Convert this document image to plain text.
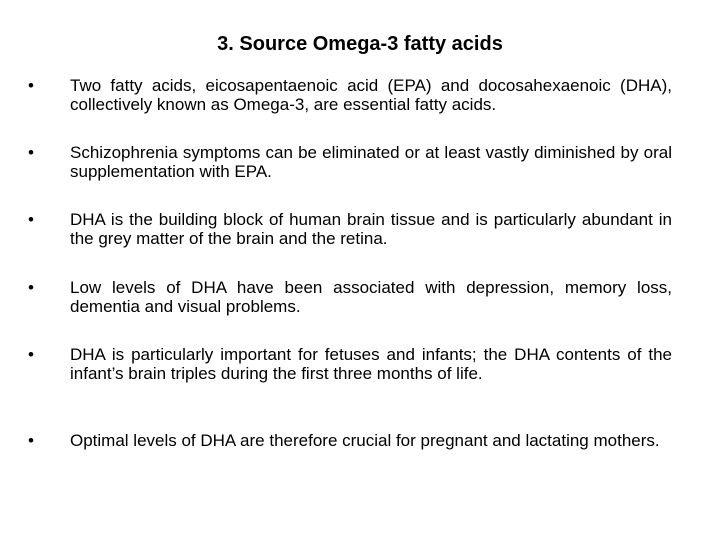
3. Source Omega-3 fatty acids
• Two fatty acids, eicosapentaenoic acid (EPA) and docosahexaenoic (DHA), collectively known as Omega-3, are essential fatty acids.

• Schizophrenia symptoms can be eliminated or at least vastly diminished by oral supplementation with EPA.

• DHA is the building block of human brain tissue and is particularly abundant in the grey matter of the brain and the retina.

• Low levels of DHA have been associated with depression, memory loss, dementia and visual problems.

• DHA is particularly important for fetuses and infants; the DHA contents of the infant’s brain triples during the first three months of life.

• Optimal levels of DHA are therefore crucial for pregnant and lactating mothers.
